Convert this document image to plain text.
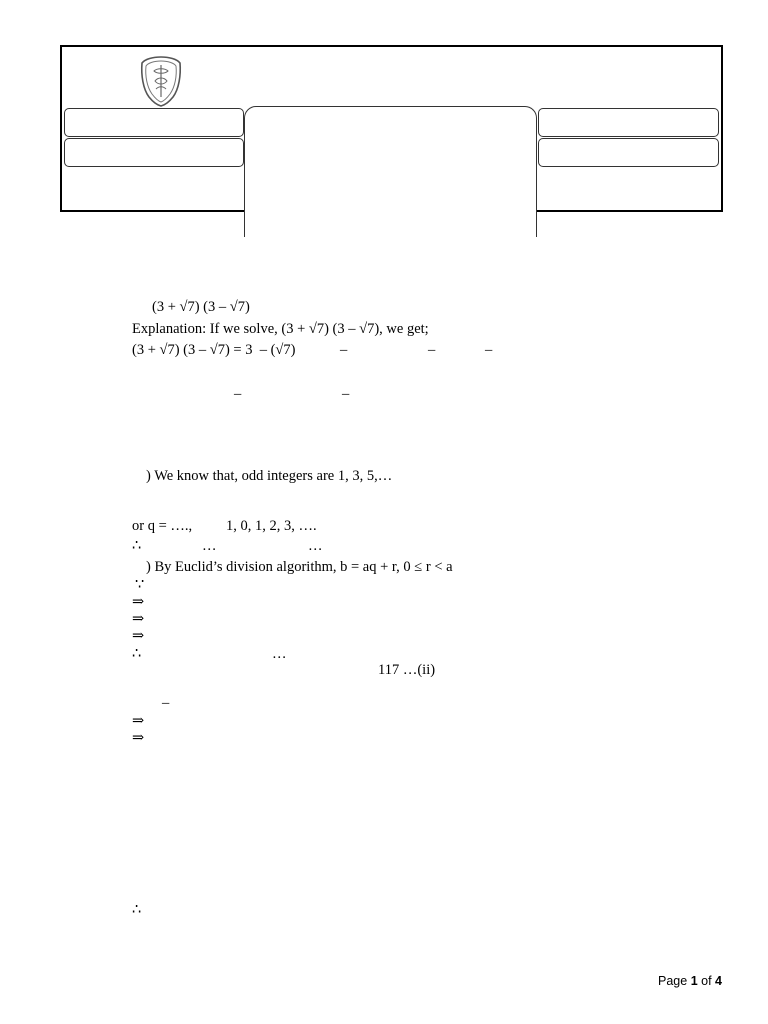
(3 + √7) (3 – √7)
Explanation: If we solve, (3 + √7) (3 – √7), we get;
(3 + √7) (3 – √7) = 3  – (√7)	–	–	–
–	–
) We know that, odd integers are 1, 3, 5,…
or q = …., 1, 0, 1, 2, 3, ….
∴	…	…
) By Euclid’s division algorithm, b = aq + r, 0 ≤ r < a
∵
⇒
⇒
⇒
∴	…
117 …(ii)
–
⇒
⇒
∴
Page 1 of 4
